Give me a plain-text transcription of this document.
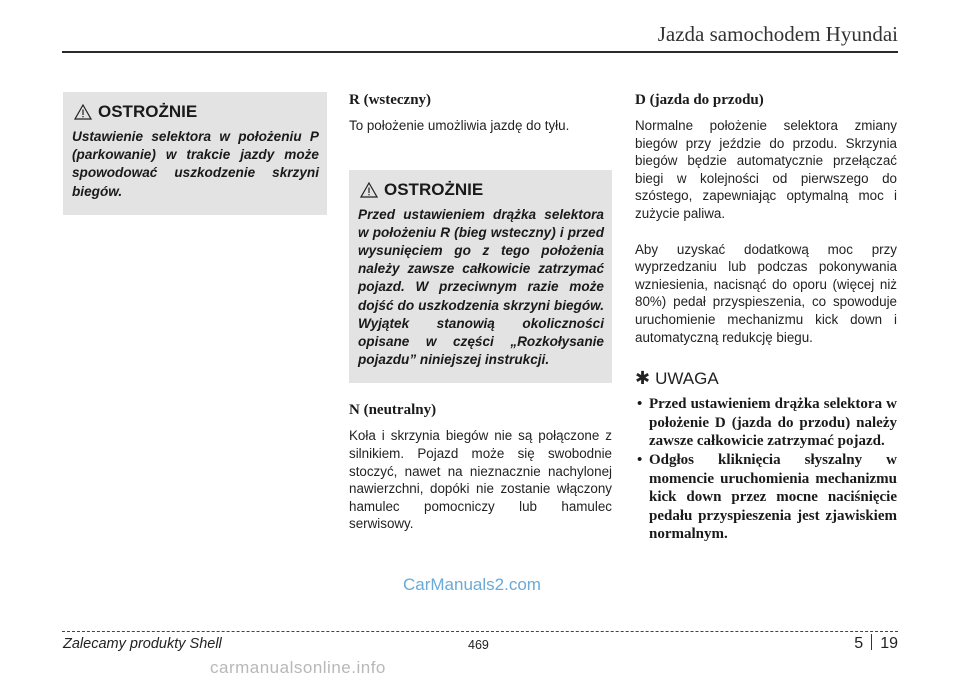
Jazda samochodem Hyundai
OSTROŻNIE
Ustawienie selektora w położeniu P (parkowanie) w trakcie jazdy może spowodować uszkodzenie skrzyni biegów.
R (wsteczny)
To położenie umożliwia jazdę do tyłu.
OSTROŻNIE
Przed ustawieniem drążka selektora w położeniu R (bieg wsteczny) i przed wysunięciem go z tego położenia należy zawsze całkowicie zatrzymać pojazd. W przeciwnym razie może dojść do uszkodzenia skrzyni biegów. Wyjątek stanowią okoliczności opisane w części „Rozkołysanie pojazdu” niniejszej instrukcji.
N (neutralny)
Koła i skrzynia biegów nie są połączone z silnikiem. Pojazd może się swobodnie stoczyć, nawet na nieznacznie nachylonej nawierzchni, dopóki nie zostanie włączony hamulec pomocniczy lub hamulec serwisowy.
D (jazda do przodu)
Normalne położenie selektora zmiany biegów przy jeździe do przodu. Skrzynia biegów będzie automatycznie przełączać biegi w kolejności od pierwszego do szóstego, zapewniając optymalną moc i zużycie paliwa.
Aby uzyskać dodatkową moc przy wyprzedzaniu lub podczas pokonywania wzniesienia, nacisnąć do oporu (więcej niż 80%) pedał przyspieszenia, co spowoduje uruchomienie mechanizmu kick down i automatyczną redukcję biegu.
✱ UWAGA
• Przed ustawieniem drążka selektora w położenie D (jazda do przodu) należy zawsze całkowicie zatrzymać pojazd.
• Odgłos kliknięcia słyszalny w momencie uruchomienia mechanizmu kick down przez mocne naciśnięcie pedału przyspieszenia jest zjawiskiem normalnym.
CarManuals2.com
Zalecamy produkty Shell	469	5 19
carmanualsonline.info
